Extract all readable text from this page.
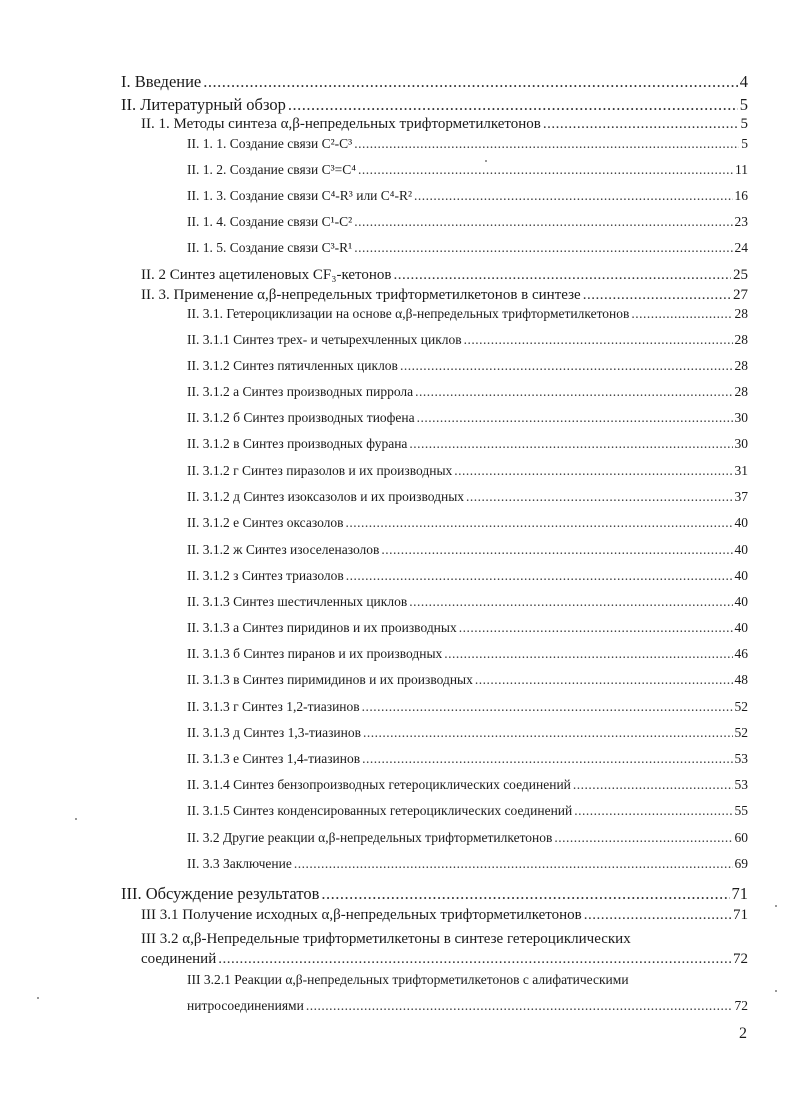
I. Введение .....	4
II. Литературный обзор .....	5
II. 1. Методы синтеза α,β-непредельных трифторметилкетонов .....	5
II. 1. 1. Создание связи C²-C³ .....	5
II. 1. 2. Создание связи C³=C⁴ .....	11
II. 1. 3. Создание связи C⁴-R³ или C⁴-R² .....	16
II. 1. 4. Создание связи C¹-C² .....	23
II. 1. 5. Создание связи C³-R¹ .....	24
II. 2 Синтез ацетиленовых CF₃-кетонов .....	25
II. 3. Применение α,β-непредельных трифторметилкетонов в синтезе .....	27
II. 3.1. Гетероциклизации на основе α,β-непредельных трифторметилкетонов .....	28
II. 3.1.1 Синтез трех- и четырехчленных циклов .....	28
II. 3.1.2 Синтез пятичленных циклов .....	28
II. 3.1.2 а Синтез производных пиррола .....	28
II. 3.1.2 б Синтез производных тиофена .....	30
II. 3.1.2 в Синтез производных фурана .....	30
II. 3.1.2 г Синтез пиразолов и их производных .....	31
II. 3.1.2 д Синтез изоксазолов и их производных .....	37
II. 3.1.2 е Синтез оксазолов .....	40
II. 3.1.2 ж Синтез изоселеназолов .....	40
II. 3.1.2 з Синтез триазолов .....	40
II. 3.1.3 Синтез шестичленных циклов .....	40
II. 3.1.3 а Синтез пиридинов и их производных .....	40
II. 3.1.3 б Синтез пиранов и их производных .....	46
II. 3.1.3 в Синтез пиримидинов и их производных .....	48
II. 3.1.3 г Синтез 1,2-тиазинов .....	52
II. 3.1.3 д Синтез 1,3-тиазинов .....	52
II. 3.1.3 е Синтез 1,4-тиазинов .....	53
II. 3.1.4 Синтез бензопроизводных гетероциклических соединений .....	53
II. 3.1.5 Синтез конденсированных гетероциклических соединений .....	55
II. 3.2 Другие реакции α,β-непредельных трифторметилкетонов .....	60
II. 3.3 Заключение .....	69
III. Обсуждение результатов .....	71
III 3.1 Получение исходных α,β-непредельных трифторметилкетонов .....	71
III 3.2 α,β-Непредельные трифторметилкетоны в синтезе гетероциклических
соединений .....	72
III 3.2.1 Реакции α,β-непредельных трифторметилкетонов с алифатическими
нитросоединениями .....	72
2
